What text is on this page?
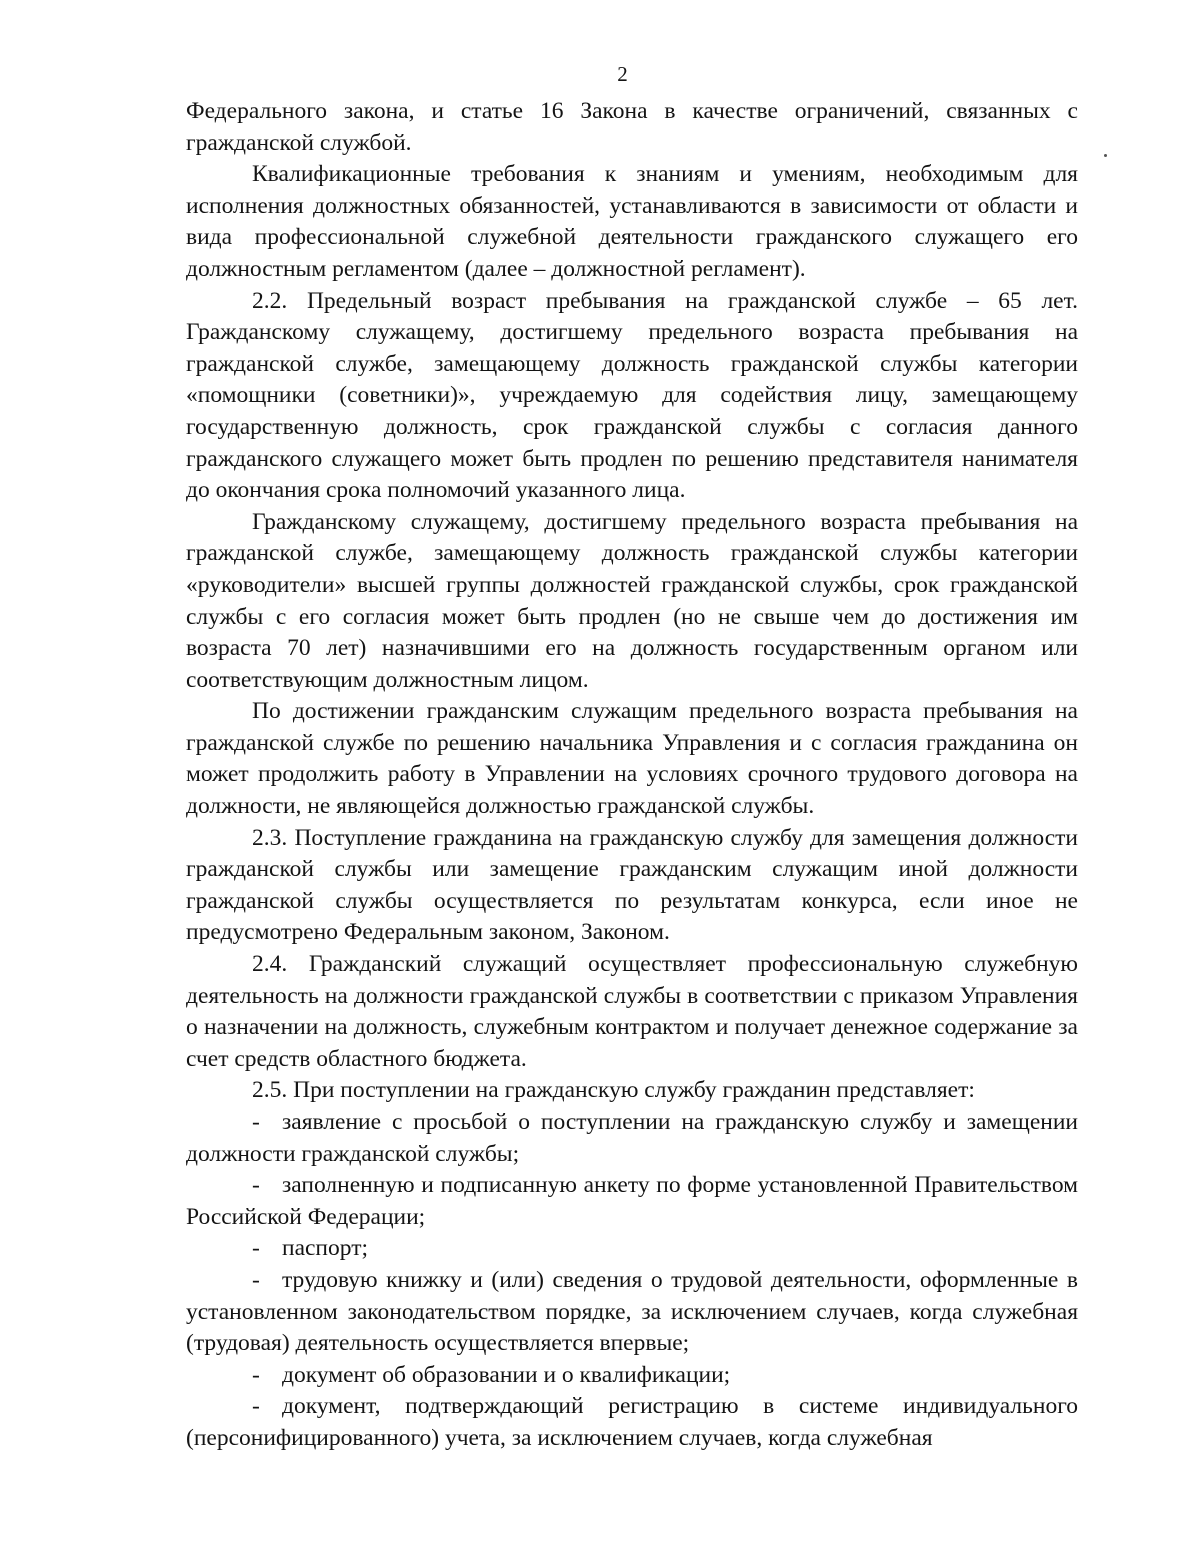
2

Федерального закона, и статье 16 Закона в качестве ограничений, связанных с гражданской службой.

Квалификационные требования к знаниям и умениям, необходимым для исполнения должностных обязанностей, устанавливаются в зависимости от области и вида профессиональной служебной деятельности гражданского служащего его должностным регламентом (далее – должностной регламент).

2.2. Предельный возраст пребывания на гражданской службе – 65 лет. Гражданскому служащему, достигшему предельного возраста пребывания на гражданской службе, замещающему должность гражданской службы категории «помощники (советники)», учреждаемую для содействия лицу, замещающему государственную должность, срок гражданской службы с согласия данного гражданского служащего может быть продлен по решению представителя нанимателя до окончания срока полномочий указанного лица.

Гражданскому служащему, достигшему предельного возраста пребывания на гражданской службе, замещающему должность гражданской службы категории «руководители» высшей группы должностей гражданской службы, срок гражданской службы с его согласия может быть продлен (но не свыше чем до достижения им возраста 70 лет) назначившими его на должность государственным органом или соответствующим должностным лицом.

По достижении гражданским служащим предельного возраста пребывания на гражданской службе по решению начальника Управления и с согласия гражданина он может продолжить работу в Управлении на условиях срочного трудового договора на должности, не являющейся должностью гражданской службы.

2.3. Поступление гражданина на гражданскую службу для замещения должности гражданской службы или замещение гражданским служащим иной должности гражданской службы осуществляется по результатам конкурса, если иное не предусмотрено Федеральным законом, Законом.

2.4. Гражданский служащий осуществляет профессиональную служебную деятельность на должности гражданской службы в соответствии с приказом Управления о назначении на должность, служебным контрактом и получает денежное содержание за счет средств областного бюджета.

2.5. При поступлении на гражданскую службу гражданин представляет:

- заявление с просьбой о поступлении на гражданскую службу и замещении должности гражданской службы;

- заполненную и подписанную анкету по форме установленной Правительством Российской Федерации;

- паспорт;

- трудовую книжку и (или) сведения о трудовой деятельности, оформленные в установленном законодательством порядке, за исключением случаев, когда служебная (трудовая) деятельность осуществляется впервые;

- документ об образовании и о квалификации;

- документ, подтверждающий регистрацию в системе индивидуального (персонифицированного) учета, за исключением случаев, когда служебная
